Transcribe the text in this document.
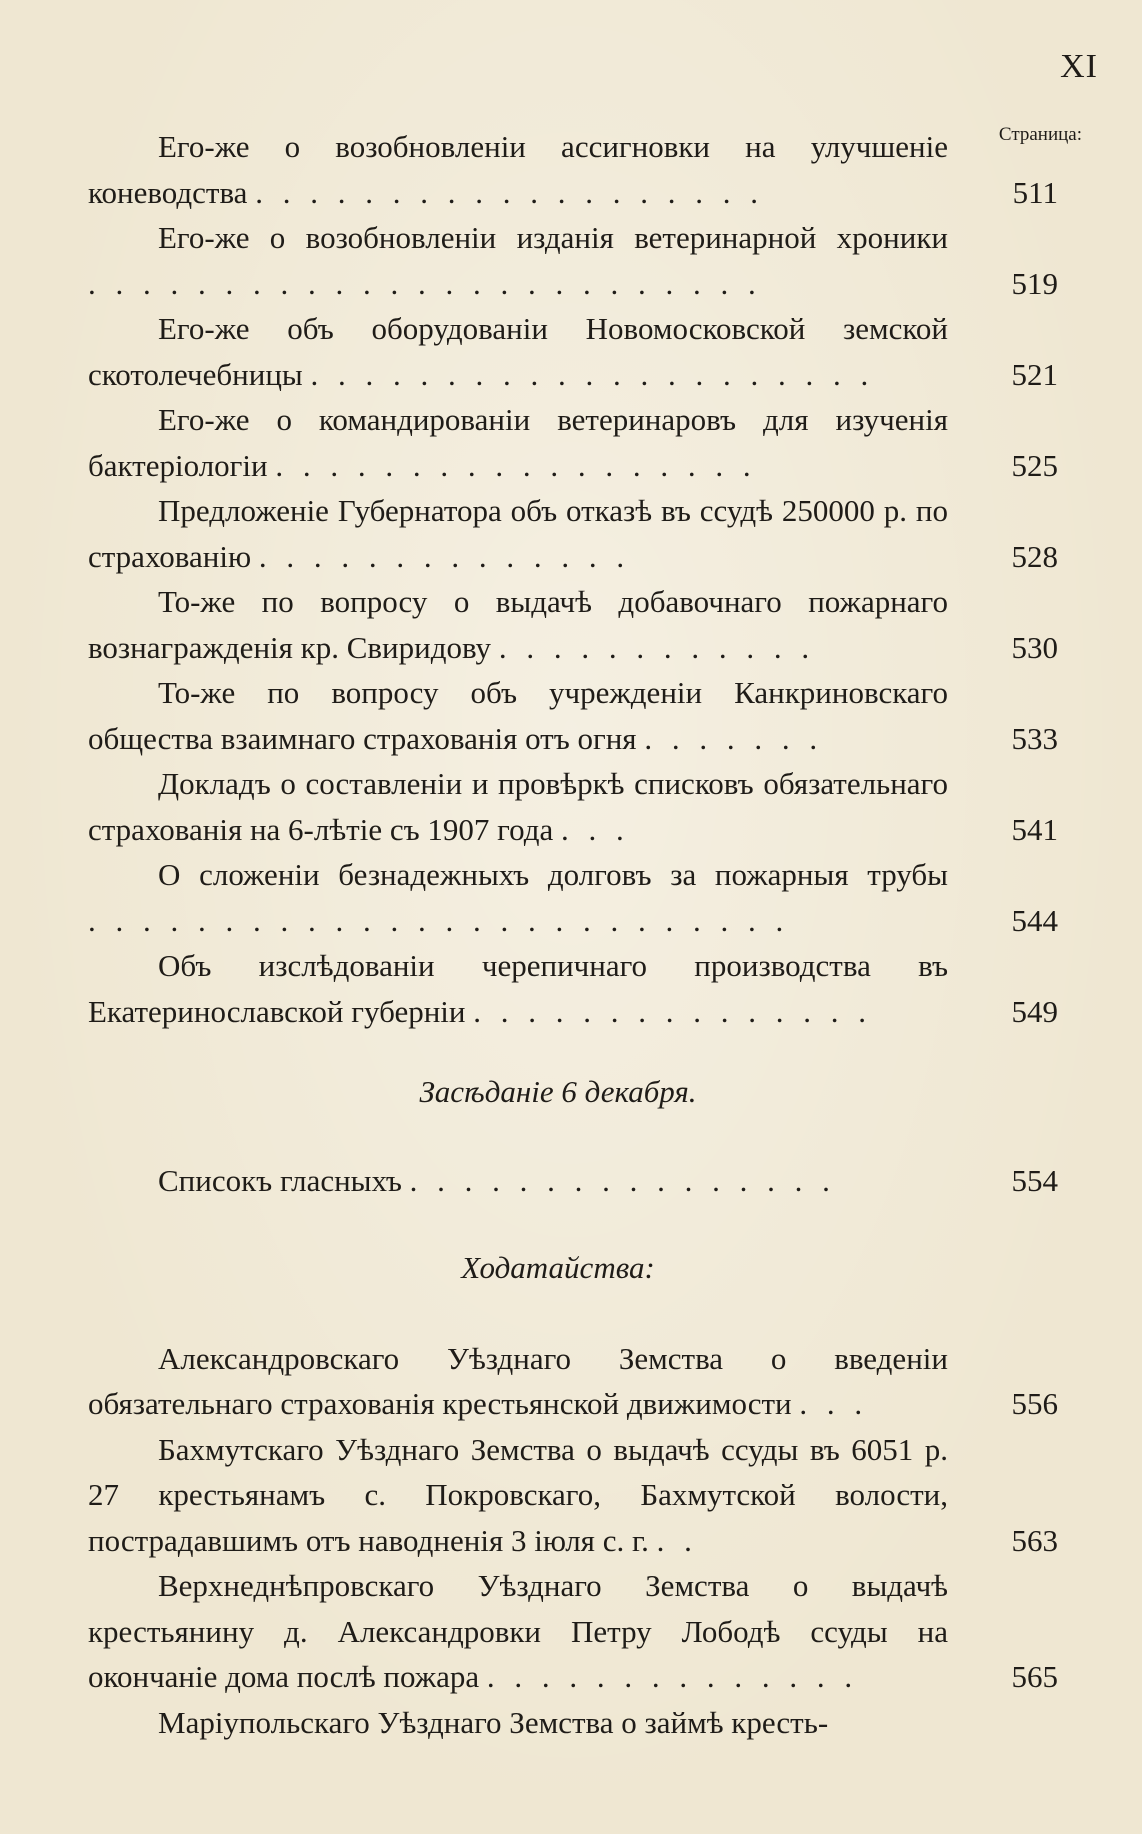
XI
Страница:
Его-же о возобновленіи ассигновки на улучшеніе коневодства . . . . . . . . . . . . . . . . . . .	511
Его-же о возобновленіи изданія ветеринарной хроники . . . . . . . . . . . . . . . . . . . . . . . . .	519
Его-же объ оборудованіи Новомосковской земской скотолечебницы . . . . . . . . . . . . . . . . . . . . .	521
Его-же о командированіи ветеринаровъ для изученія бактеріологіи . . . . . . . . . . . . . . . . . .	525
Предложеніе Губернатора объ отказѣ въ ссудѣ 250000 р. по страхованію . . . . . . . . . . . . . .	528
То-же по вопросу о выдачѣ добавочнаго пожарнаго вознагражденія кр. Свиридову . . . . . . . . . . . .	530
То-же по вопросу объ учрежденіи Канкриновскаго общества взаимнаго страхованія отъ огня . . . . . . .	533
Докладъ о составленіи и провѣркѣ списковъ обязательнаго страхованія на 6-лѣтіе съ 1907 года . . .	541
О сложеніи безнадежныхъ долговъ за пожарныя трубы . . . . . . . . . . . . . . . . . . . . . . . . . .	544
Объ изслѣдованіи черепичнаго производства въ Екатеринославской губерніи . . . . . . . . . . . . . . .	549
Засѣданіе 6 декабря.
Списокъ гласныхъ . . . . . . . . . . . . . . . .	554
Ходатайства:
Александровскаго Уѣзднаго Земства о введеніи обязательнаго страхованія крестьянской движимости . . .	556
Бахмутскаго Уѣзднаго Земства о выдачѣ ссуды въ 6051 р. 27 крестьянамъ с. Покровскаго, Бахмутской волости, пострадавшимъ отъ наводненія 3 іюля с. г. . .	563
Верхнеднѣпровскаго Уѣзднаго Земства о выдачѣ крестьянину д. Александровки Петру Лободѣ ссуды на окончаніе дома послѣ пожара . . . . . . . . . . . . . .	565
Маріупольскаго Уѣзднаго Земства о займѣ кресть-
